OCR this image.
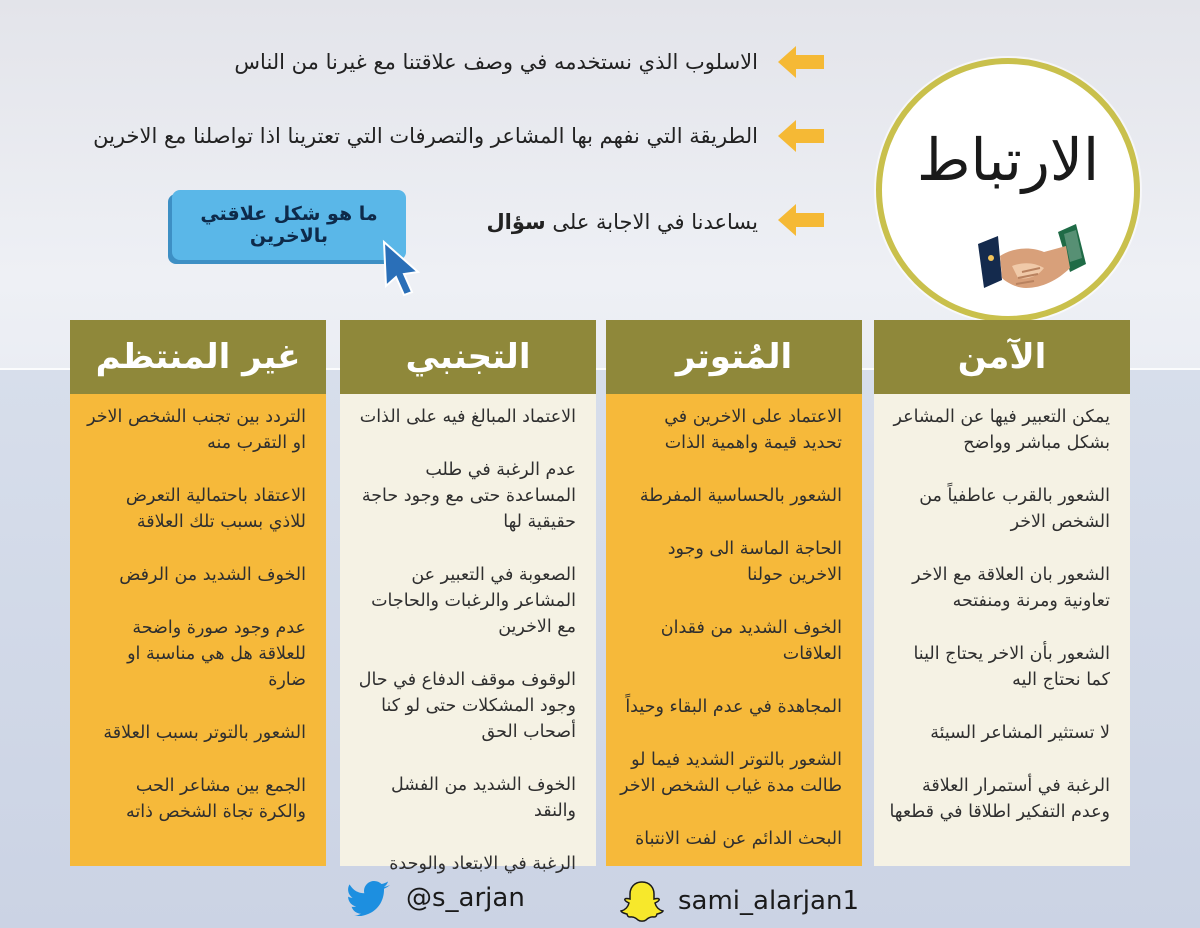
الارتباط
الاسلوب الذي نستخدمه في وصف علاقتنا مع غيرنا من الناس
الطريقة التي نفهم بها المشاعر والتصرفات التي تعترينا اذا تواصلنا مع الاخرين
يساعدنا في الاجابة على سؤال
ما هو شكل علاقتي بالاخرين
الآمن
يمكن التعبير فيها عن المشاعر بشكل مباشر وواضح
الشعور بالقرب عاطفياً من الشخص الاخر
الشعور بان العلاقة مع الاخر تعاونية ومرنة ومنفتحه
الشعور بأن الاخر يحتاج الينا كما نحتاج اليه
لا تستثير المشاعر السيئة
الرغبة في أستمرار العلاقة وعدم التفكير اطلاقا في قطعها
المُتوتر
الاعتماد على الاخرين في تحديد قيمة واهمية الذات
الشعور بالحساسية المفرطة
الحاجة الماسة الى وجود الاخرين حولنا
الخوف الشديد من فقدان العلاقات
المجاهدة في عدم البقاء وحيداً
الشعور بالتوتر الشديد فيما لو طالت مدة غياب الشخص الاخر
البحث الدائم عن لفت الانتباة
التجنبي
الاعتماد المبالغ فيه على الذات
عدم الرغبة في طلب المساعدة حتى مع وجود حاجة حقيقية لها
الصعوبة في التعبير عن المشاعر والرغبات والحاجات مع الاخرين
الوقوف موقف الدفاع في حال وجود المشكلات حتى لو كنا أصحاب الحق
الخوف الشديد من الفشل والنقد
الرغبة في الابتعاد والوحدة
غير المنتظم
التردد بين تجنب الشخص الاخر او التقرب منه
الاعتقاد باحتمالية التعرض للاذي بسبب تلك العلاقة
الخوف الشديد من الرفض
عدم وجود صورة واضحة للعلاقة هل هي مناسبة او ضارة
الشعور بالتوتر بسبب العلاقة
الجمع بين مشاعر الحب والكرة تجاة الشخص ذاته
@s_arjan	sami_alarjan1
